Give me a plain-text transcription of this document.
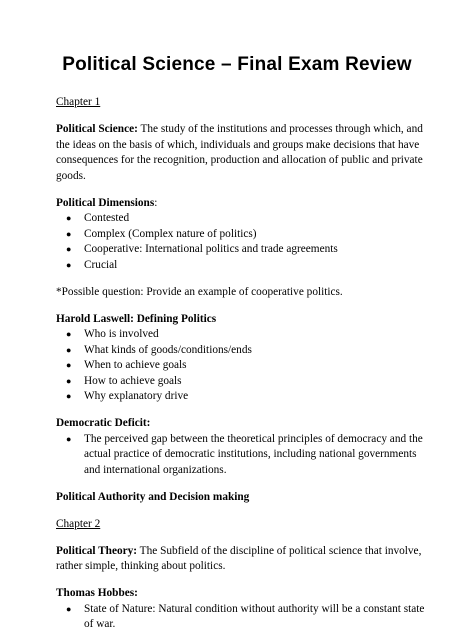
Political Science – Final Exam Review

Chapter 1

Political Science: The study of the institutions and processes through which, and the ideas on the basis of which, individuals and groups make decisions that have consequences for the recognition, production and allocation of public and private goods.

Political Dimensions:

● Contested
● Complex (Complex nature of politics)
● Cooperative: International politics and trade agreements
● Crucial

*Possible question: Provide an example of cooperative politics.

Harold Laswell: Defining Politics

● Who is involved
● What kinds of goods/conditions/ends
● When to achieve goals
● How to achieve goals
● Why explanatory drive

Democratic Deficit:

● The perceived gap between the theoretical principles of democracy and the actual practice of democratic institutions, including national governments and international organizations.

Political Authority and Decision making

Chapter 2

Political Theory: The Subfield of the discipline of political science that involve, rather simple, thinking about politics.

Thomas Hobbes:

● State of Nature: Natural condition without authority will be a constant state of war.
